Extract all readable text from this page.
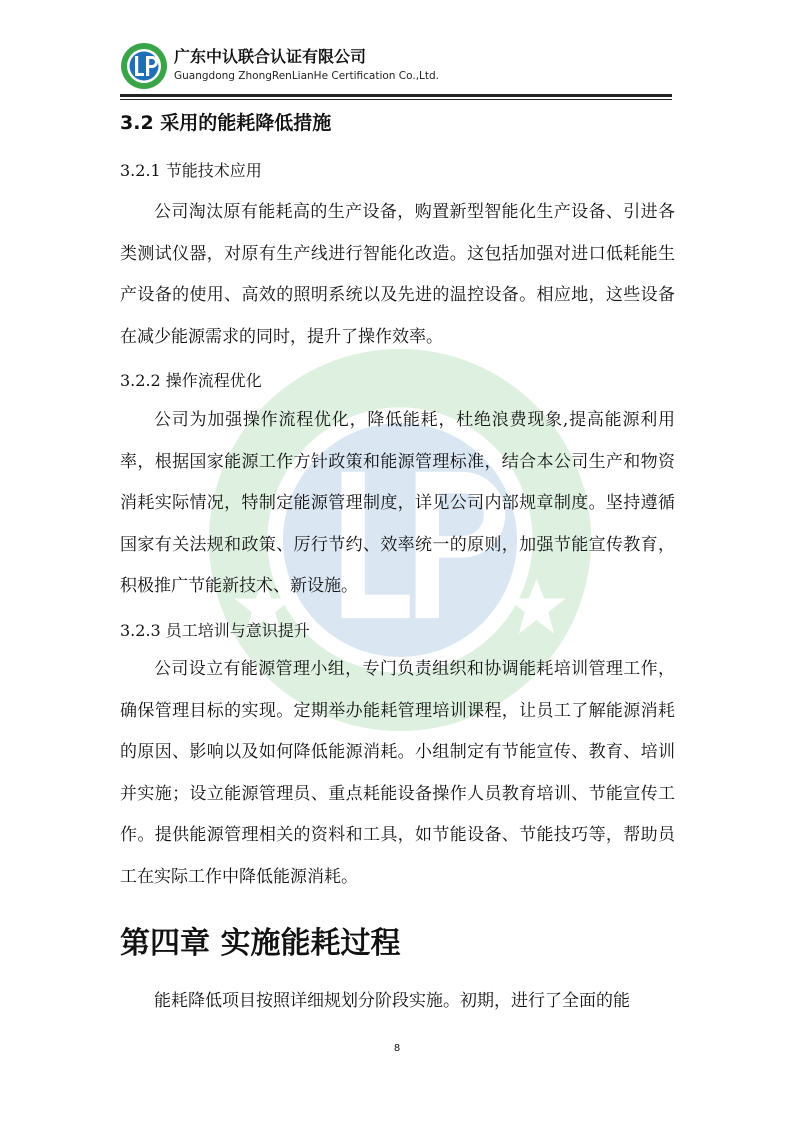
广东中认联合认证有限公司
Guangdong ZhongRenLianHe Certification Co.,Ltd.
3.2 采用的能耗降低措施
3.2.1 节能技术应用
公司淘汰原有能耗高的生产设备，购置新型智能化生产设备、引进各类测试仪器，对原有生产线进行智能化改造。这包括加强对进口低耗能生产设备的使用、高效的照明系统以及先进的温控设备。相应地，这些设备在减少能源需求的同时，提升了操作效率。
3.2.2 操作流程优化
公司为加强操作流程优化，降低能耗，杜绝浪费现象,提高能源利用率，根据国家能源工作方针政策和能源管理标准，结合本公司生产和物资消耗实际情况，特制定能源管理制度，详见公司内部规章制度。坚持遵循国家有关法规和政策、厉行节约、效率统一的原则，加强节能宣传教育，积极推广节能新技术、新设施。
3.2.3 员工培训与意识提升
公司设立有能源管理小组，专门负责组织和协调能耗培训管理工作，确保管理目标的实现。定期举办能耗管理培训课程，让员工了解能源消耗的原因、影响以及如何降低能源消耗。小组制定有节能宣传、教育、培训并实施；设立能源管理员、重点耗能设备操作人员教育培训、节能宣传工作。提供能源管理相关的资料和工具，如节能设备、节能技巧等，帮助员工在实际工作中降低能源消耗。
第四章 实施能耗过程
能耗降低项目按照详细规划分阶段实施。初期，进行了全面的能
8
